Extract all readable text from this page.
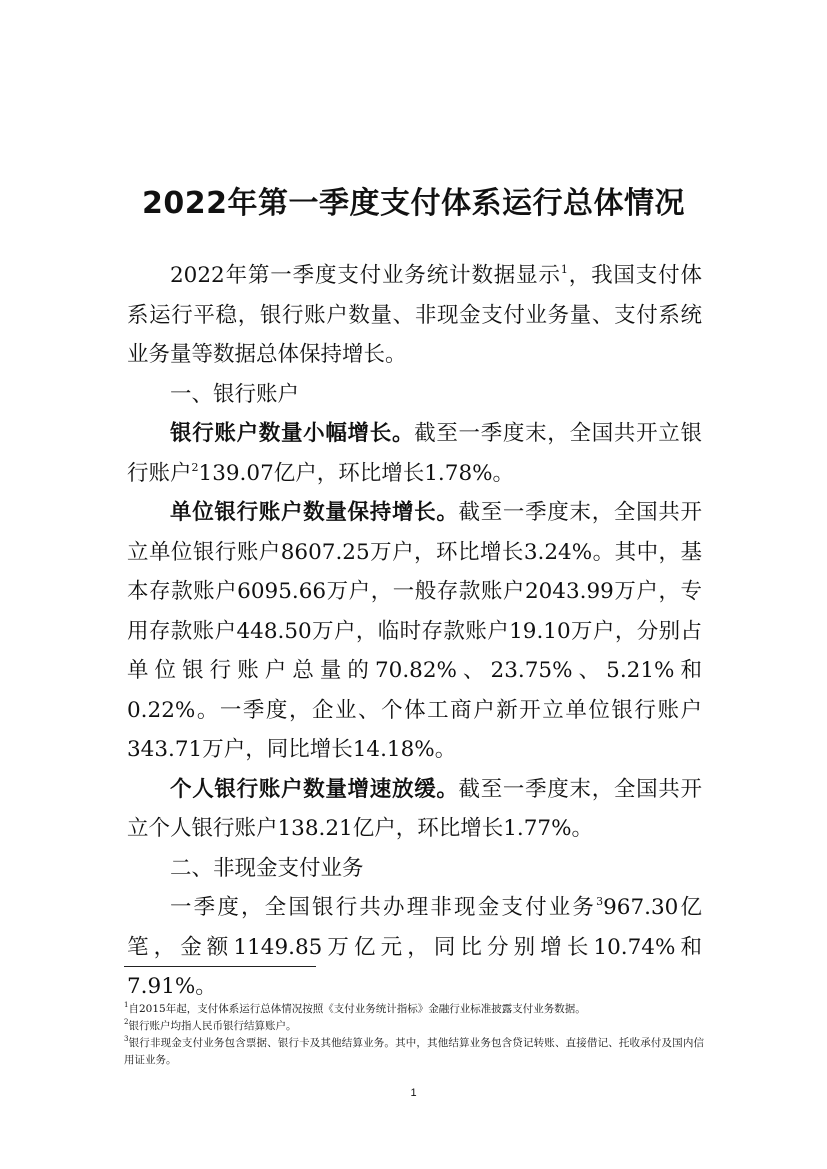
2022年第一季度支付体系运行总体情况

2022年第一季度支付业务统计数据显示$^1$，我国支付体系运行平稳，银行账户数量、非现金支付业务量、支付系统业务量等数据总体保持增长。

一、银行账户

银行账户数量小幅增长。截至一季度末，全国共开立银行账户$^2$139.07亿户，环比增长1.78%。

单位银行账户数量保持增长。截至一季度末，全国共开立单位银行账户8607.25万户，环比增长3.24%。其中，基本存款账户6095.66万户，一般存款账户2043.99万户，专用存款账户448.50万户，临时存款账户19.10万户，分别占单位银行账户总量的70.82%、23.75%、5.21%和0.22%。一季度，企业、个体工商户新开立单位银行账户343.71万户，同比增长14.18%。

个人银行账户数量增速放缓。截至一季度末，全国共开立个人银行账户138.21亿户，环比增长1.77%。

二、非现金支付业务

一季度，全国银行共办理非现金支付业务$^3$967.30亿笔，金额1149.85万亿元，同比分别增长10.74%和7.91%。

$^1$自2015年起，支付体系运行总体情况按照《支付业务统计指标》金融行业标准披露支付业务数据。
$^2$银行账户均指人民币银行结算账户。
$^3$银行非现金支付业务包含票据、银行卡及其他结算业务。其中，其他结算业务包含贷记转账、直接借记、托收承付及国内信用证业务。
1
